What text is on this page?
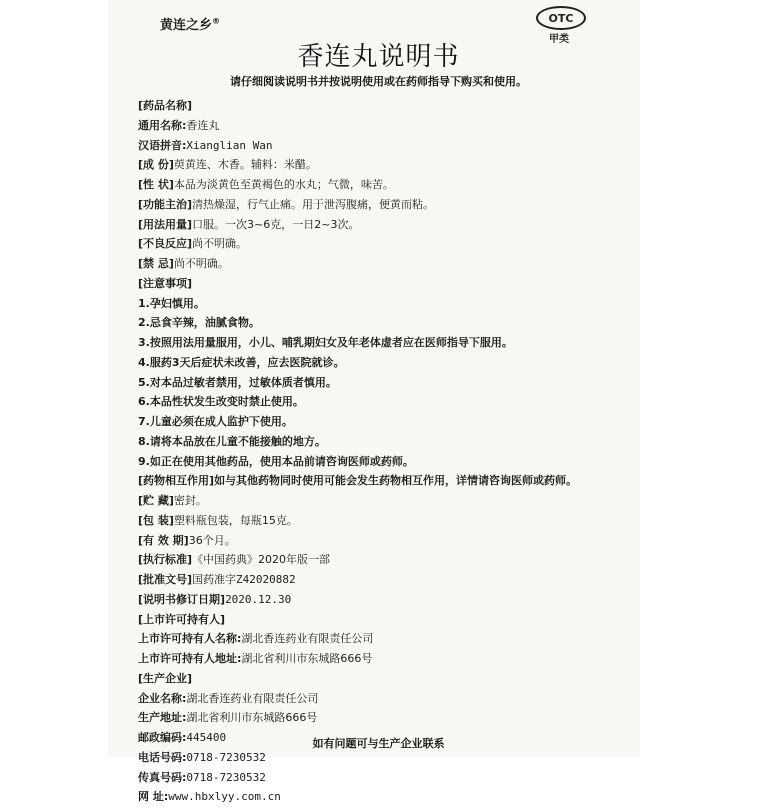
黄连之乡®	OTC
甲类
香连丸说明书
请仔细阅读说明书并按说明使用或在药师指导下购买和使用。
[药品名称]
通用名称:香连丸
汉语拼音:Xianglian Wan
[成 份]萸黄连、木香。辅料：米醋。
[性 状]本品为淡黄色至黄褐色的水丸；气微，味苦。
[功能主治]清热燥湿，行气止痛。用于泄泻腹痛，便黄而粘。
[用法用量]口服。一次3~6克，一日2~3次。
[不良反应]尚不明确。
[禁 忌]尚不明确。
[注意事项]
1.孕妇慎用。
2.忌食辛辣，油腻食物。
3.按照用法用量服用，小儿、哺乳期妇女及年老体虚者应在医师指导下服用。
4.服药3天后症状未改善，应去医院就诊。
5.对本品过敏者禁用，过敏体质者慎用。
6.本品性状发生改变时禁止使用。
7.儿童必须在成人监护下使用。
8.请将本品放在儿童不能接触的地方。
9.如正在使用其他药品，使用本品前请咨询医师或药师。
[药物相互作用]如与其他药物同时使用可能会发生药物相互作用，详情请咨询医师或药师。
[贮 藏]密封。
[包 装]塑料瓶包装，每瓶15克。
[有 效 期]36个月。
[执行标准]《中国药典》2020年版一部
[批准文号]国药准字Z42020882
[说明书修订日期]2020.12.30
[上市许可持有人]
上市许可持有人名称:湖北香连药业有限责任公司
上市许可持有人地址:湖北省利川市东城路666号
[生产企业]
企业名称:湖北香连药业有限责任公司
生产地址:湖北省利川市东城路666号
邮政编码:445400
电话号码:0718-7230532
传真号码:0718-7230532
网 址:www.hbxlyy.com.cn
如有问题可与生产企业联系
